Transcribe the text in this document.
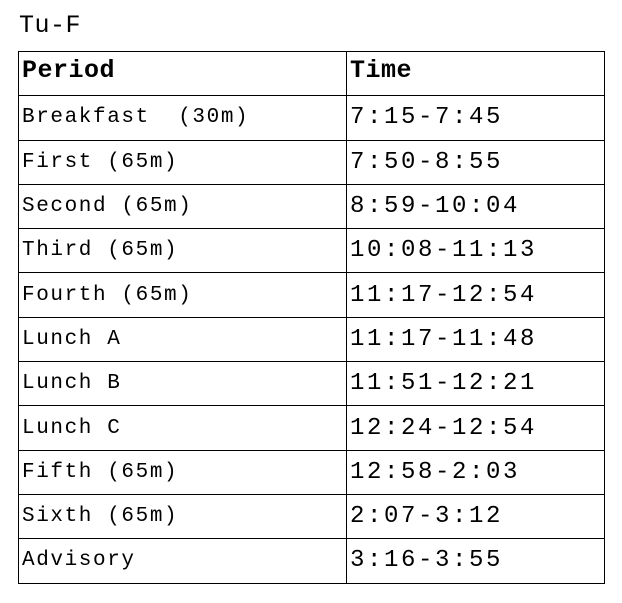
Tu-F
Period	Time
Breakfast  (30m)	7:15-7:45
First (65m)	7:50-8:55
Second (65m)	8:59-10:04
Third (65m)	10:08-11:13
Fourth (65m)	11:17-12:54
Lunch A	11:17-11:48
Lunch B	11:51-12:21
Lunch C	12:24-12:54
Fifth (65m)	12:58-2:03
Sixth (65m)	2:07-3:12
Advisory	3:16-3:55
